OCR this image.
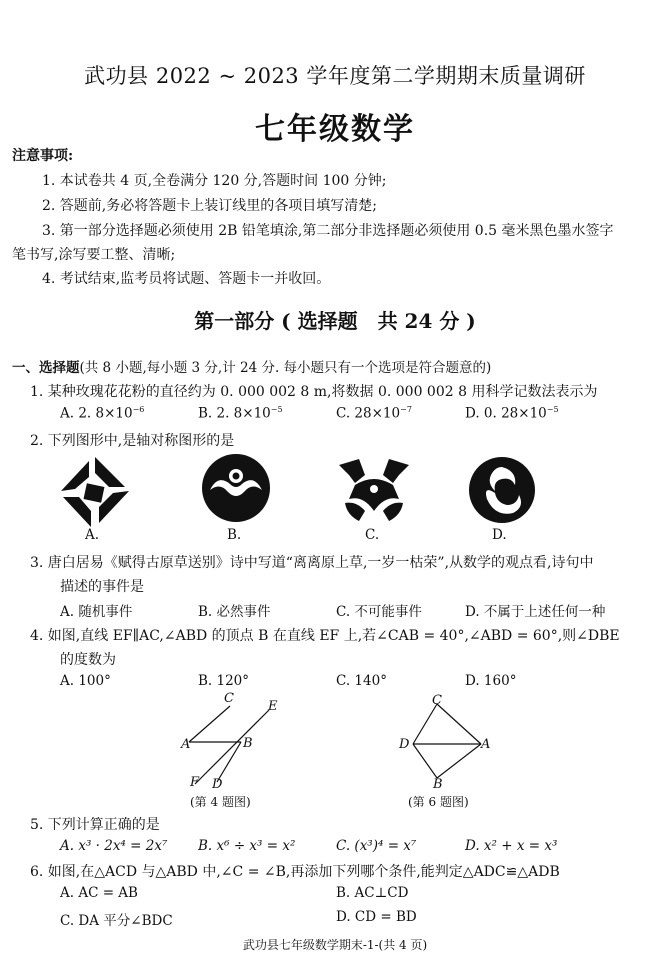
武功县 2022 ~ 2023 学年度第二学期期末质量调研
七年级数学
注意事项:
1. 本试卷共 4 页,全卷满分 120 分,答题时间 100 分钟;
2. 答题前,务必将答题卡上装订线里的各项目填写清楚;
3. 第一部分选择题必须使用 2B 铅笔填涂,第二部分非选择题必须使用 0.5 毫米黑色墨水签字
笔书写,涂写要工整、清晰;
4. 考试结束,监考员将试题、答题卡一并收回。
第一部分 ( 选择题　共 24 分 )
一、选择题(共 8 小题,每小题 3 分,计 24 分. 每小题只有一个选项是符合题意的)
1. 某种玫瑰花花粉的直径约为 0. 000 002 8 m,将数据 0. 000 002 8 用科学记数法表示为
A. 2. $8\times 10^{-6}$	B. 2. $8\times 10^{-5}$	C. $28\times 10^{-7}$	D. 0. $28\times 10^{-5}$
2. 下列图形中,是轴对称图形的是
A.	B.	C.	D.
3. 唐白居易《赋得古原草送别》诗中写道“离离原上草,一岁一枯荣”,从数学的观点看,诗句中
描述的事件是
A. 随机事件	B. 必然事件	C. 不可能事件	D. 不属于上述任何一种
4. 如图,直线 EF∥AC,∠ABD 的顶点 B 在直线 EF 上,若∠CAB = 40°,∠ABD = 60°,则∠DBE
的度数为
A. 100°	B. 120°	C. 140°	D. 160°
C
E
A	B
F D
(第 4 题图)
C
D	A
B
(第 6 题图)
5. 下列计算正确的是
A. x³ · 2x⁴ = 2x⁷ B. x⁶ ÷ x³ = x²	C. (x³)⁴ = x⁷	D. x² + x = x³
6. 如图,在△ACD 与△ABD 中,∠C = ∠B,再添加下列哪个条件,能判定△ADC≌△ADB
A. AC = AB	B. AC⊥CD
C. DA 平分∠BDC	D. CD = BD
武功县七年级数学期末-1-(共 4 页)
